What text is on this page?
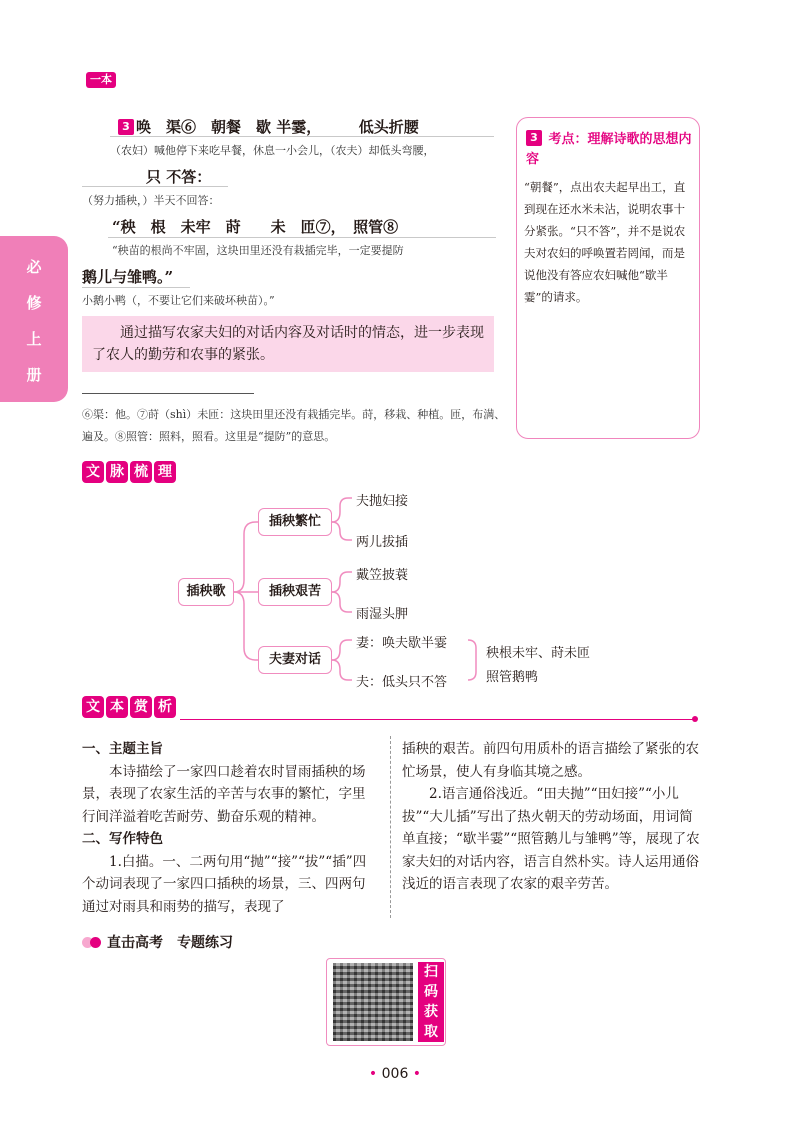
一本
必
修
上
册
3 唤　渠⑥　朝餐　歇 半霎，　　　低头折腰
（农妇）喊他停下来吃早餐，休息一小会儿，（农夫）却低头弯腰，
只 不答：
（努力插秧，）半天不回答：
“秧　根　未牢　莳　　未　匝⑦，　照管⑧
“秧苗的根尚不牢固，这块田里还没有栽插完毕，一定要提防
鹅儿与雏鸭。”
小鹅小鸭（，不要让它们来破坏秧苗）。”

通过描写农家夫妇的对话内容及对话时的情态，进一步表现了农人的勤劳和农事的紧张。

3 考点：理解诗歌的思想内容
“朝餐”，点出农夫起早出工，直到现在还水米未沾，说明农事十分紧张。“只不答”，并不是说农夫对农妇的呼唤置若罔闻，而是说他没有答应农妇喊他“歇半霎”的请求。
⑥渠：他。⑦莳（shì）未匝：这块田里还没有栽插完毕。莳，移栽、种植。匝，布满、遍及。⑧照管：照料，照看。这里是“提防”的意思。
文 脉 梳 理
插秧歌
插秧繁忙
插秧艰苦
夫妻对话
夫抛妇接
两儿拔插
戴笠披蓑
雨湿头胛
妻：唤夫歇半霎
夫：低头只不答
秧根未牢、莳未匝
照管鹅鸭
文 本 赏 析

一、主题主旨

本诗描绘了一家四口趁着农时冒雨插秧的场景，表现了农家生活的辛苦与农事的繁忙，字里行间洋溢着吃苦耐劳、勤奋乐观的精神。

二、写作特色

1.白描。一、二两句用“抛”“接”“拔”“插”四个动词表现了一家四口插秧的场景，三、四两句通过对雨具和雨势的描写，表现了

插秧的艰苦。前四句用质朴的语言描绘了紧张的农忙场景，使人有身临其境之感。

2.语言通俗浅近。“田夫抛”“田妇接”“小儿拔”“大儿插”写出了热火朝天的劳动场面，用词简单直接；“歇半霎”“照管鹅儿与雏鸭”等，展现了农家夫妇的对话内容，语言自然朴实。诗人运用通俗浅近的语言表现了农家的艰辛劳苦。

直击高考　专题练习
扫码获取
• 006 •
